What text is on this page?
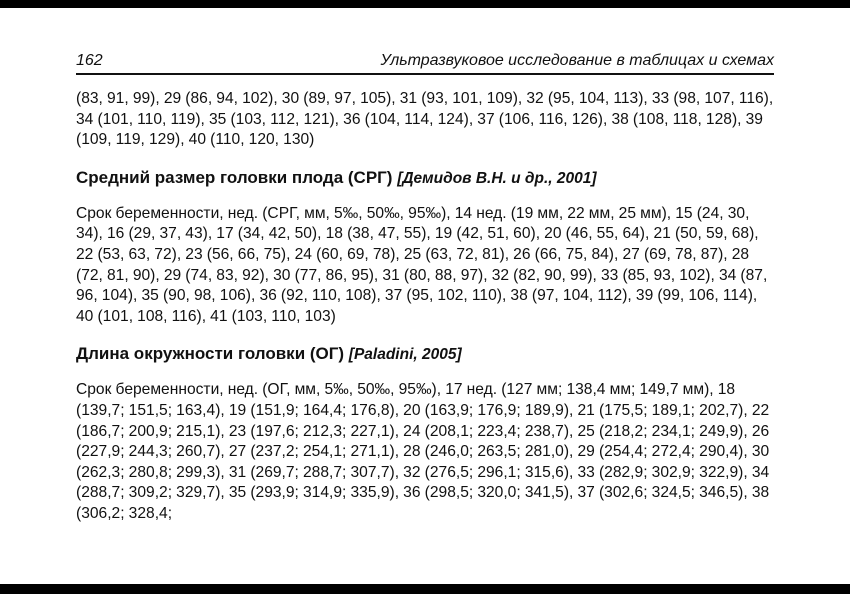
162	Ультразвуковое исследование в таблицах и схемах

(83, 91, 99), 29 (86, 94, 102), 30 (89, 97, 105), 31 (93, 101, 109), 32 (95, 104, 113), 33 (98, 107, 116), 34 (101, 110, 119), 35 (103, 112, 121), 36 (104, 114, 124), 37 (106, 116, 126), 38 (108, 118, 128), 39 (109, 119, 129), 40 (110, 120, 130)

Средний размер головки плода (СРГ) [Демидов В.Н. и др., 2001]

Срок беременности, нед. (СРГ, мм, 5‰, 50‰, 95‰), 14 нед. (19 мм, 22 мм, 25 мм), 15 (24, 30, 34), 16 (29, 37, 43), 17 (34, 42, 50), 18 (38, 47, 55), 19 (42, 51, 60), 20 (46, 55, 64), 21 (50, 59, 68), 22 (53, 63, 72), 23 (56, 66, 75), 24 (60, 69, 78), 25 (63, 72, 81), 26 (66, 75, 84), 27 (69, 78, 87), 28 (72, 81, 90), 29 (74, 83, 92), 30 (77, 86, 95), 31 (80, 88, 97), 32 (82, 90, 99), 33 (85, 93, 102), 34 (87, 96, 104), 35 (90, 98, 106), 36 (92, 110, 108), 37 (95, 102, 110), 38 (97, 104, 112), 39 (99, 106, 114), 40 (101, 108, 116), 41 (103, 110, 103)

Длина окружности головки (ОГ) [Paladini, 2005]

Срок беременности, нед. (ОГ, мм, 5‰, 50‰, 95‰), 17 нед. (127 мм; 138,4 мм; 149,7 мм), 18 (139,7; 151,5; 163,4), 19 (151,9; 164,4; 176,8), 20 (163,9; 176,9; 189,9), 21 (175,5; 189,1; 202,7), 22 (186,7; 200,9; 215,1), 23 (197,6; 212,3; 227,1), 24 (208,1; 223,4; 238,7), 25 (218,2; 234,1; 249,9), 26 (227,9; 244,3; 260,7), 27 (237,2; 254,1; 271,1), 28 (246,0; 263,5; 281,0), 29 (254,4; 272,4; 290,4), 30 (262,3; 280,8; 299,3), 31 (269,7; 288,7; 307,7), 32 (276,5; 296,1; 315,6), 33 (282,9; 302,9; 322,9), 34 (288,7; 309,2; 329,7), 35 (293,9; 314,9; 335,9), 36 (298,5; 320,0; 341,5), 37 (302,6; 324,5; 346,5), 38 (306,2; 328,4;
